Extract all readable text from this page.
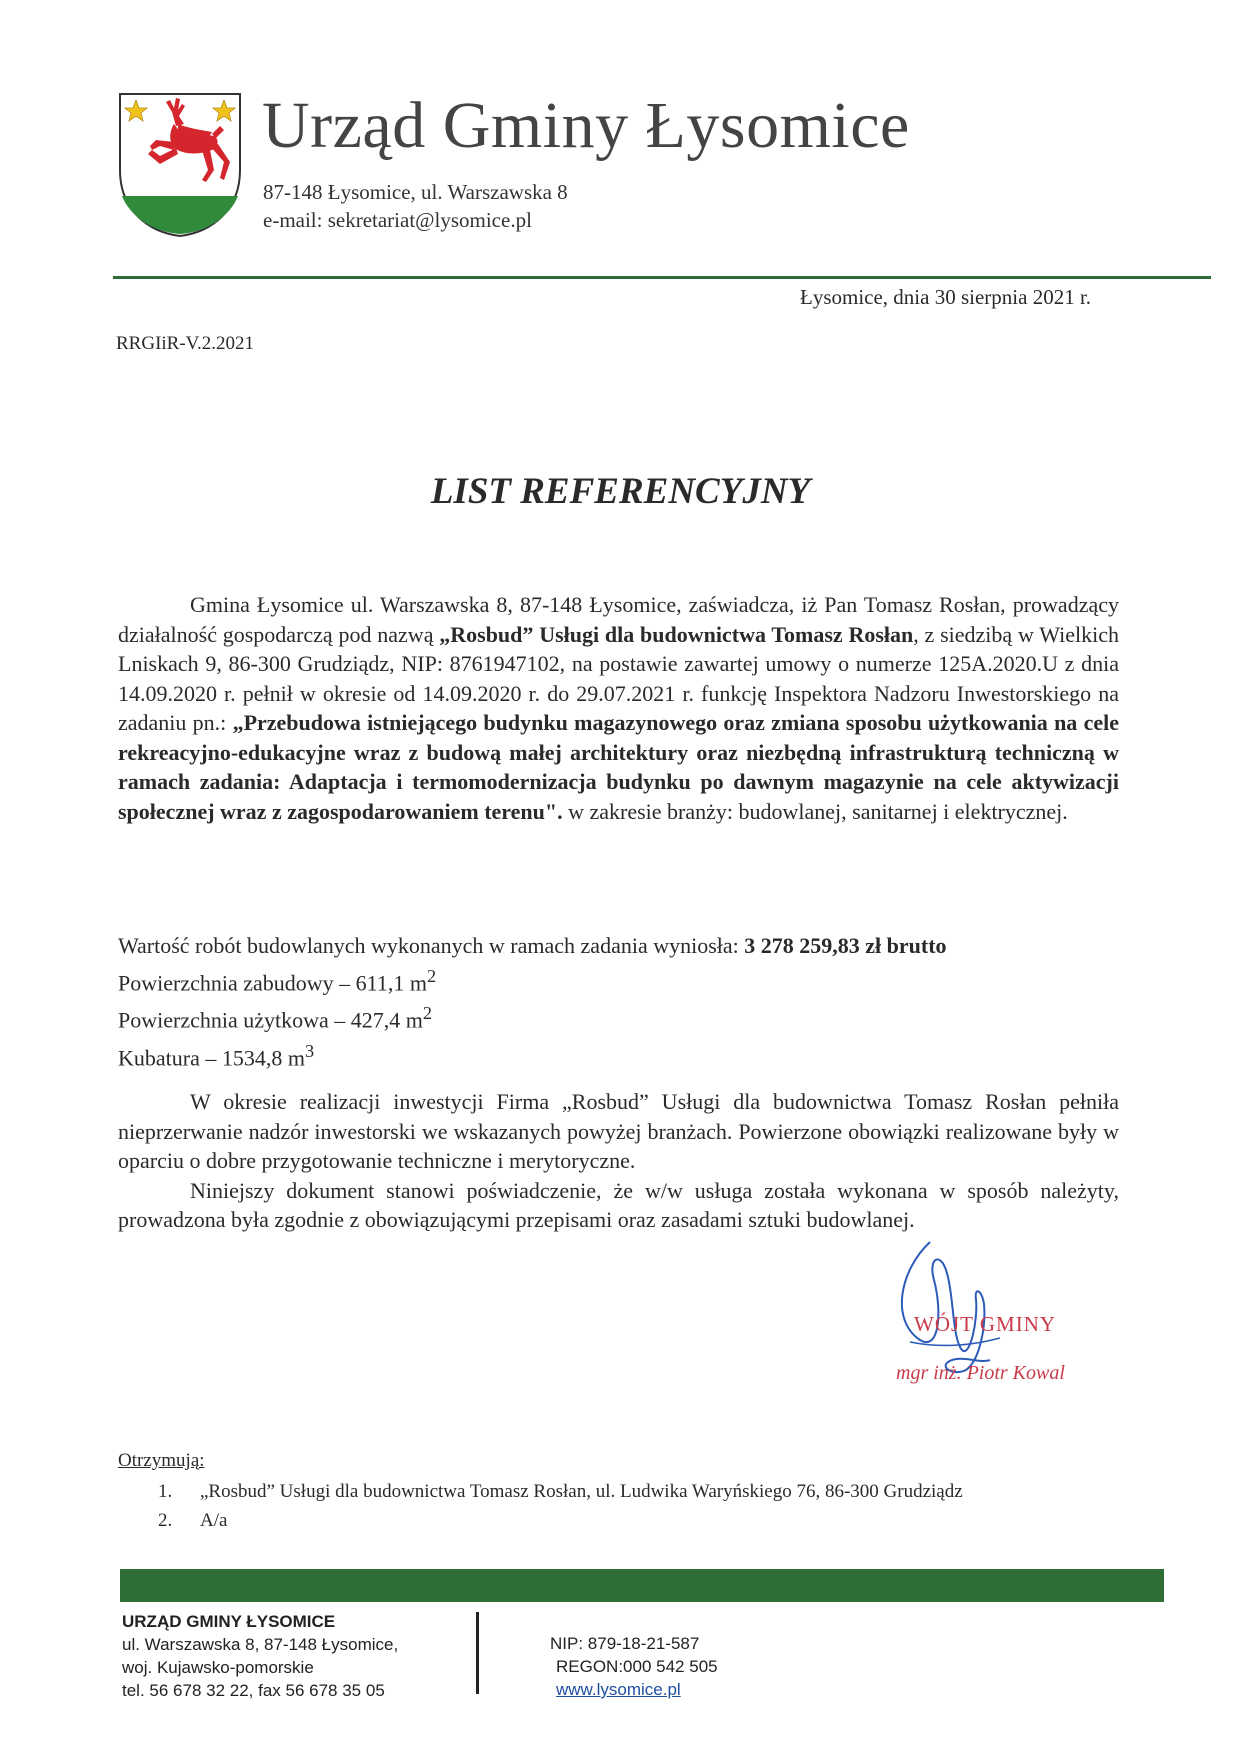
Urząd Gminy Łysomice
87-148 Łysomice, ul. Warszawska 8
e-mail: sekretariat@lysomice.pl
Łysomice, dnia 30 sierpnia 2021 r.
RRGIiR-V.2.2021
LIST REFERENCYJNY

Gmina Łysomice ul. Warszawska 8, 87-148 Łysomice, zaświadcza, iż Pan Tomasz Rosłan, prowadzący działalność gospodarczą pod nazwą „Rosbud” Usługi dla budownictwa Tomasz Rosłan, z siedzibą w Wielkich Lniskach 9, 86-300 Grudziądz, NIP: 8761947102, na postawie zawartej umowy o numerze 125A.2020.U z dnia 14.09.2020 r. pełnił w okresie od 14.09.2020 r. do 29.07.2021 r. funkcję Inspektora Nadzoru Inwestorskiego na zadaniu pn.: „Przebudowa istniejącego budynku magazynowego oraz zmiana sposobu użytkowania na cele rekreacyjno-edukacyjne wraz z budową małej architektury oraz niezbędną infrastrukturą techniczną w ramach zadania: Adaptacja i termomodernizacja budynku po dawnym magazynie na cele aktywizacji społecznej wraz z zagospodarowaniem terenu". w zakresie branży: budowlanej, sanitarnej i elektrycznej.

Wartość robót budowlanych wykonanych w ramach zadania wyniosła: 3 278 259,83 zł brutto
Powierzchnia zabudowy – 611,1 $m^2$
Powierzchnia użytkowa – 427,4 $m^2$
Kubatura – 1534,8 $m^3$

W okresie realizacji inwestycji Firma „Rosbud” Usługi dla budownictwa Tomasz Rosłan pełniła nieprzerwanie nadzór inwestorski we wskazanych powyżej branżach. Powierzone obowiązki realizowane były w oparciu o dobre przygotowanie techniczne i merytoryczne.

Niniejszy dokument stanowi poświadczenie, że w/w usługa została wykonana w sposób należyty, prowadzona była zgodnie z obowiązującymi przepisami oraz zasadami sztuki budowlanej.

WÓJT GMINY
mgr inż. Piotr Kowal
Otrzymują:
1. „Rosbud” Usługi dla budownictwa Tomasz Rosłan, ul. Ludwika Waryńskiego 76, 86-300 Grudziądz
2. A/a
URZĄD GMINY ŁYSOMICE
ul. Warszawska 8, 87-148 Łysomice,
woj. Kujawsko-pomorskie
tel. 56 678 32 22, fax 56 678 35 05
NIP: 879-18-21-587
REGON:000 542 505
www.lysomice.pl
